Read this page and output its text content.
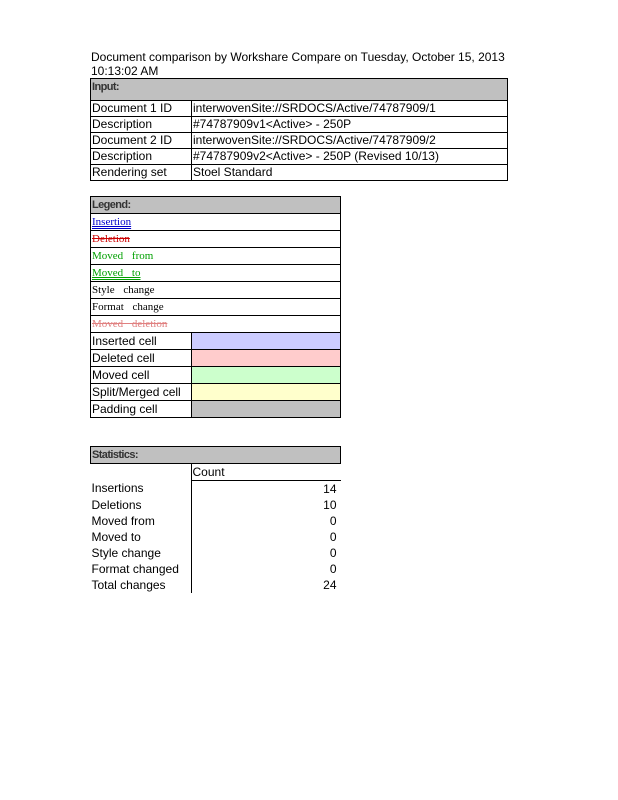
Document comparison by Workshare Compare on Tuesday, October 15, 2013
10:13:02 AM
Input:	
Document 1 ID	interwovenSite://SRDOCS/Active/74787909/1
Description	#74787909v1<Active> - 250P
Document 2 ID	interwovenSite://SRDOCS/Active/74787909/2
Description	#74787909v2<Active> - 250P (Revised 10/13)
Rendering set	Stoel Standard
Legend:	
Insertion	
Deletion	
Moved from	
Moved to	
Style change	
Format change	
Moved deletion	
Inserted cell	
Deleted cell	
Moved cell	
Split/Merged cell	
Padding cell	
Statistics:	
	Count
Insertions	14
Deletions	10
Moved from	0
Moved to	0
Style change	0
Format changed	0
Total changes	24
